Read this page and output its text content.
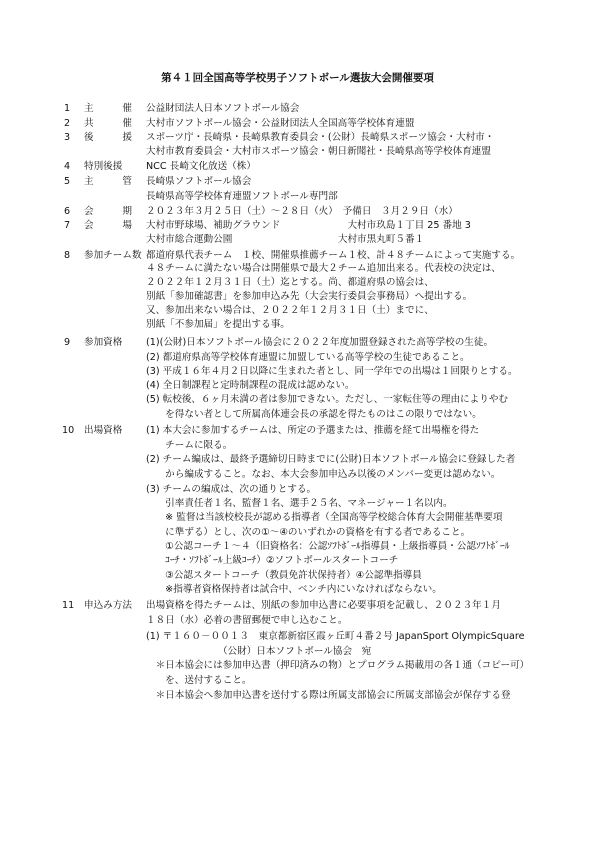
第４１回全国高等学校男子ソフトボール選抜大会開催要項
1 主　　　催 公益財団法人日本ソフトボール協会
2 共　　　催 大村市ソフトボール協会・公益財団法人全国高等学校体育連盟
3 後　　　援 スポーツ庁・長崎県・長崎県教育委員会・(公財）長崎県スポーツ協会・大村市・
大村市教育委員会・大村市スポーツ協会・朝日新聞社・長崎県高等学校体育連盟
4 特別後援 NCC 長崎文化放送（株）
5 主　　　管 長崎県ソフトボール協会
長崎県高等学校体育連盟ソフトボール専門部
6 会　　　期 ２０２３年３月２５日（土）～２８日（火）　予備日　３月２９日（水）
7 会　　　場 大村市野球場、補助グラウンド　　　　　　　大村市玖島１丁目 25 番地 3
大村市総合運動公園　　　　　　　　　　　大村市黒丸町５番１
8 参加チーム数 都道府県代表チーム　１校、開催県推薦チーム１校、計４８チームによって実施する。
４８チームに満たない場合は開催県で最大２チーム追加出来る。代表校の決定は、
２０２２年１２月３１日（土）迄とする。尚、都道府県の協会は、
別紙「参加確認書」を参加申込み先（大会実行委員会事務局）へ提出する。
又、参加出来ない場合は、２０２２年１２月３１日（土）までに、
別紙「不参加届」を提出する事。
9 参加資格 (1)(公財)日本ソフトボール協会に２０２２年度加盟登録された高等学校の生徒。
(2) 都道府県高等学校体育連盟に加盟している高等学校の生徒であること。
(3) 平成１６年４月２日以降に生まれた者とし、同一学年での出場は１回限りとする。
(4) 全日制課程と定時制課程の混成は認めない。
(5) 転校後、６ヶ月未満の者は参加できない。ただし、一家転住等の理由によりやむ
　　を得ない者として所属高体連会長の承認を得たものはこの限りではない。
10 出場資格 (1) 本大会に参加するチームは、所定の予選または、推薦を経て出場権を得た
　　チームに限る。
(2) チーム編成は、最終予選締切日時までに(公財)日本ソフトボール協会に登録した者
　　から編成すること。なお、本大会参加申込み以後のメンバー変更は認めない。
(3) チームの編成は、次の通りとする。
　　引率責任者１名、監督１名、選手２５名、マネージャー１名以内。
　　※ 監督は当該校校長が認める指導者（全国高等学校総合体育大会開催基準要項
　　に準ずる）とし、次の①～④のいずれかの資格を有する者であること。
　　①公認コーチ１～４（旧資格名：公認ｿﾌﾄﾎﾞｰﾙ指導員・上級指導員・公認ｿﾌﾄﾎﾞｰﾙ
　　ｺｰﾁ・ｿﾌﾄﾎﾞｰﾙ上級ｺｰﾁ）②ソフトボールスタートコーチ
　　③公認スタートコーチ（教員免許状保持者）④公認準指導員
　　※指導者資格保持者は試合中、ベンチ内にいなければならない。
11 申込み方法 出場資格を得たチームは、別紙の参加申込書に必要事項を記載し、２０２３年１月
１８日（水）必着の書留郵便で申し込むこと。
(1) 〒１６０－００１３　東京都新宿区霞ヶ丘町４番２号 JapanSport OlympicSquare
　　　　　　　　（公財）日本ソフトボール協会　宛
　＊日本協会には参加申込書（押印済みの物）とプログラム掲載用の各１通（コピー可）
　　を、送付すること。
　＊日本協会へ参加申込書を送付する際は所属支部協会に所属支部協会が保存する登
